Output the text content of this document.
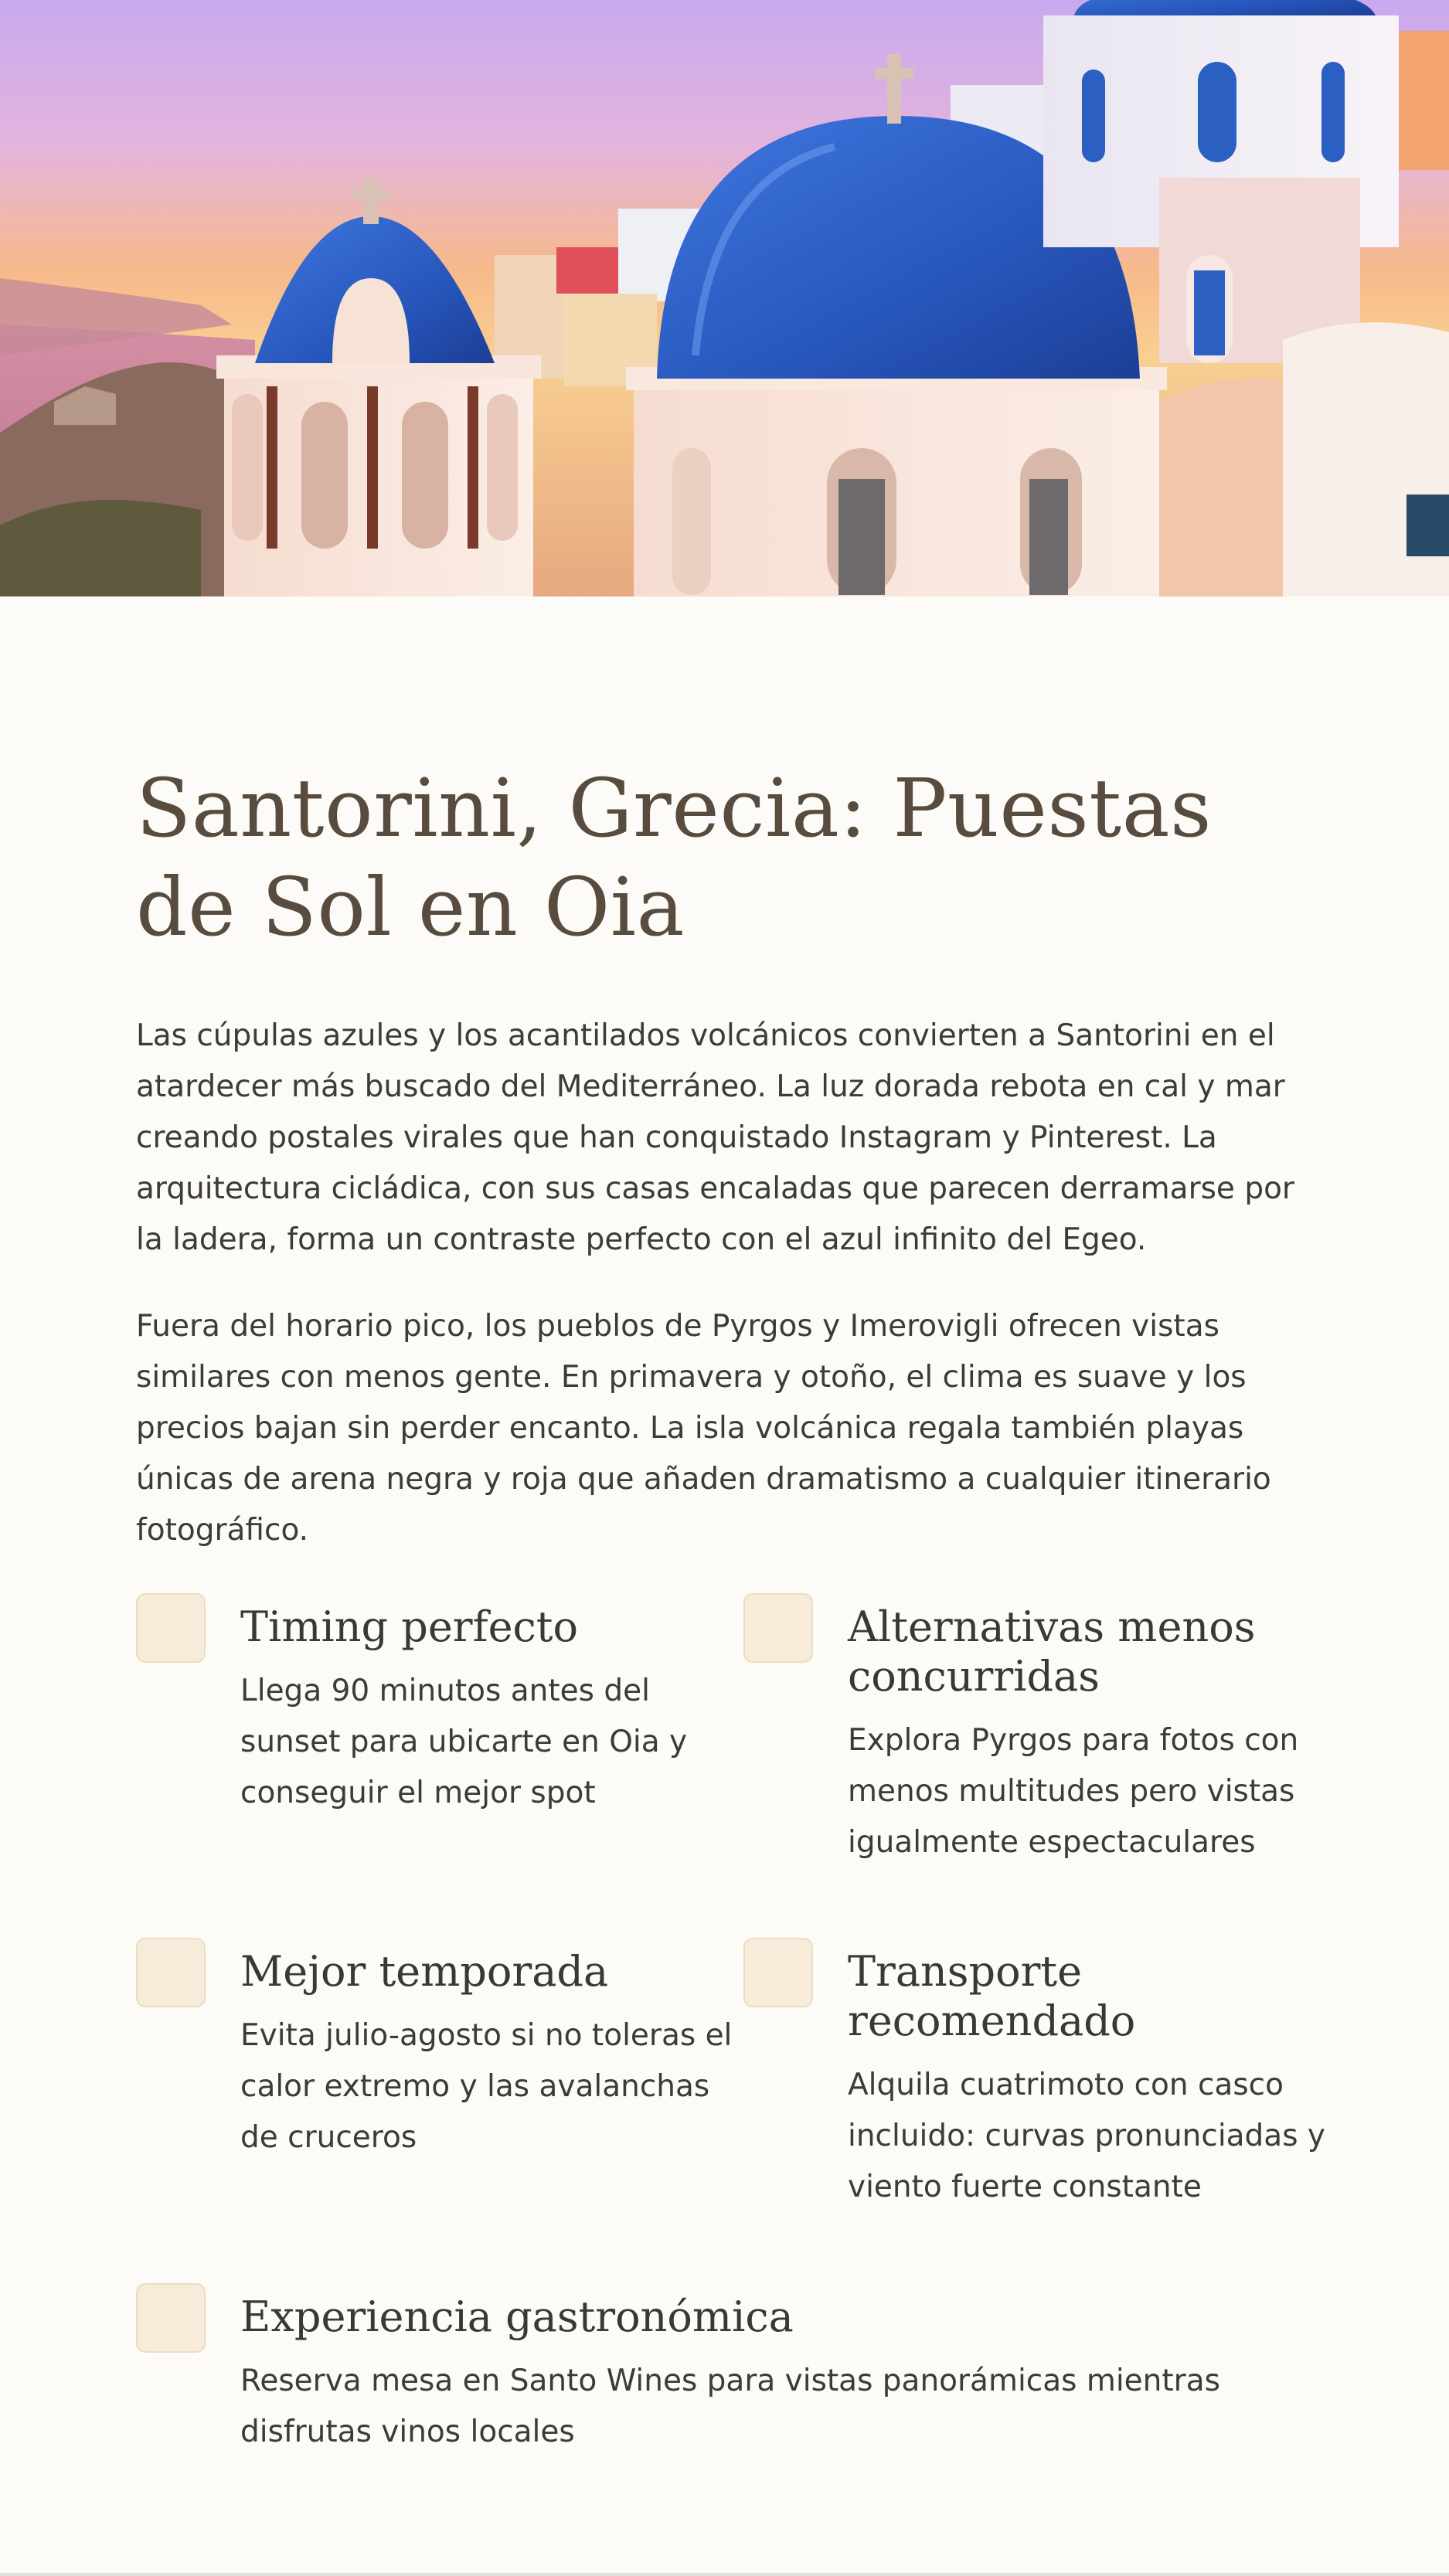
Santorini, Grecia: Puestas de Sol en Oia

Las cúpulas azules y los acantilados volcánicos convierten a Santorini en el atardecer más buscado del Mediterráneo. La luz dorada rebota en cal y mar creando postales virales que han conquistado Instagram y Pinterest. La arquitectura cicládica, con sus casas encaladas que parecen derramarse por la ladera, forma un contraste perfecto con el azul infinito del Egeo.

Fuera del horario pico, los pueblos de Pyrgos y Imerovigli ofrecen vistas similares con menos gente. En primavera y otoño, el clima es suave y los precios bajan sin perder encanto. La isla volcánica regala también playas únicas de arena negra y roja que añaden dramatismo a cualquier itinerario fotográfico.

Timing perfecto

Llega 90 minutos antes del sunset para ubicarte en Oia y conseguir el mejor spot

Alternativas menos concurridas

Explora Pyrgos para fotos con menos multitudes pero vistas igualmente espectaculares

Mejor temporada

Evita julio-agosto si no toleras el calor extremo y las avalanchas de cruceros

Transporte recomendado

Alquila cuatrimoto con casco incluido: curvas pronunciadas y viento fuerte constante

Experiencia gastronómica

Reserva mesa en Santo Wines para vistas panorámicas mientras disfrutas vinos locales
